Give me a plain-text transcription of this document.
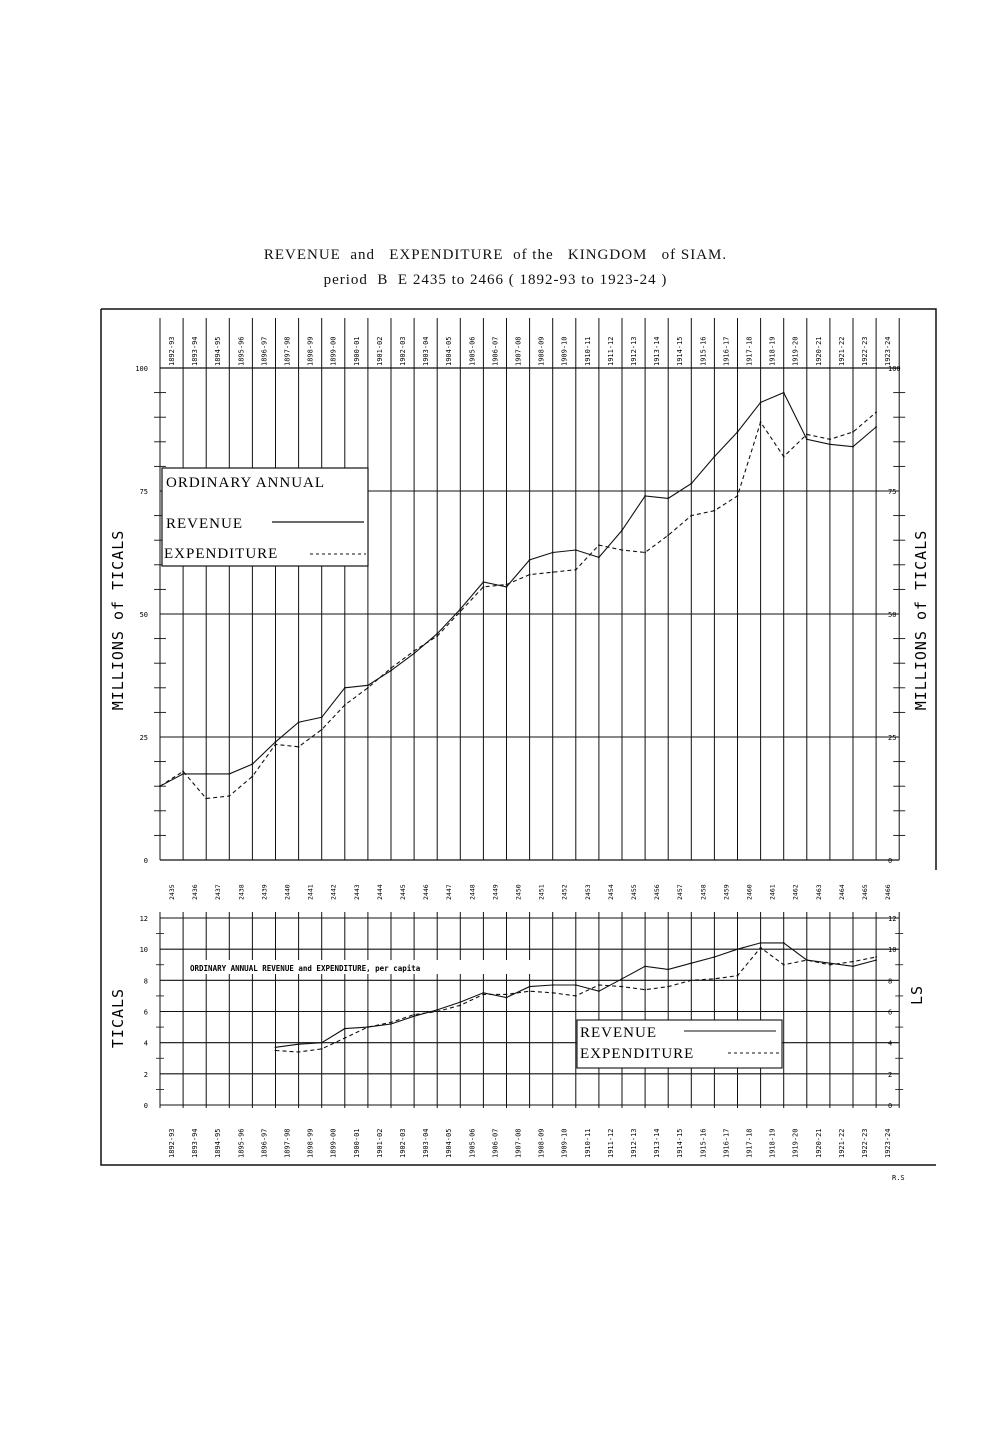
REVENUE  and   EXPENDITURE  of the   KINGDOM   of SIAM.
period  B  E 2435 to 2466 ( 1892-93 to 1923-24 )
0	0
25	25
50	50
75	75
100	100
1892-93 1893-94 1894-95 1895-96 1896-97 1897-98 1898-99 1899-00 1900-01 1901-02 1902-03 1903-04 1904-05 1905-06 1906-07 1907-08 1908-09 1909-10 1910-11 1911-12 1912-13 1913-14 1914-15 1915-16 1916-17 1917-18 1918-19 1919-20 1920-21 1921-22 1922-23 1923-24
2435 2436 2437 2438 2439 2440 2441 2442 2443 2444 2445 2446 2447 2448 2449 2450 2451 2452 2453 2454 2455 2456 2457 2458 2459 2460 2461 2462 2463 2464 2465 2466
MILLIONS of TICALS	MILLIONS of TICALS
ORDINARY ANNUAL
REVENUE
EXPENDITURE
0	0
2	2
4	4
6	6
8	8
10	10
12	12
1892-93 1893-94 1894-95 1895-96 1896-97 1897-98 1898-99 1899-00 1900-01 1901-02 1902-03 1903-04 1904-05 1905-06 1906-07 1907-08 1908-09 1909-10 1910-11 1911-12 1912-13 1913-14 1914-15 1915-16 1916-17 1917-18 1918-19 1919-20 1920-21 1921-22 1922-23 1923-24
TICALS	LS
ORDINARY ANNUAL REVENUE and EXPENDITURE, per capita
REVENUE
EXPENDITURE
R.S
